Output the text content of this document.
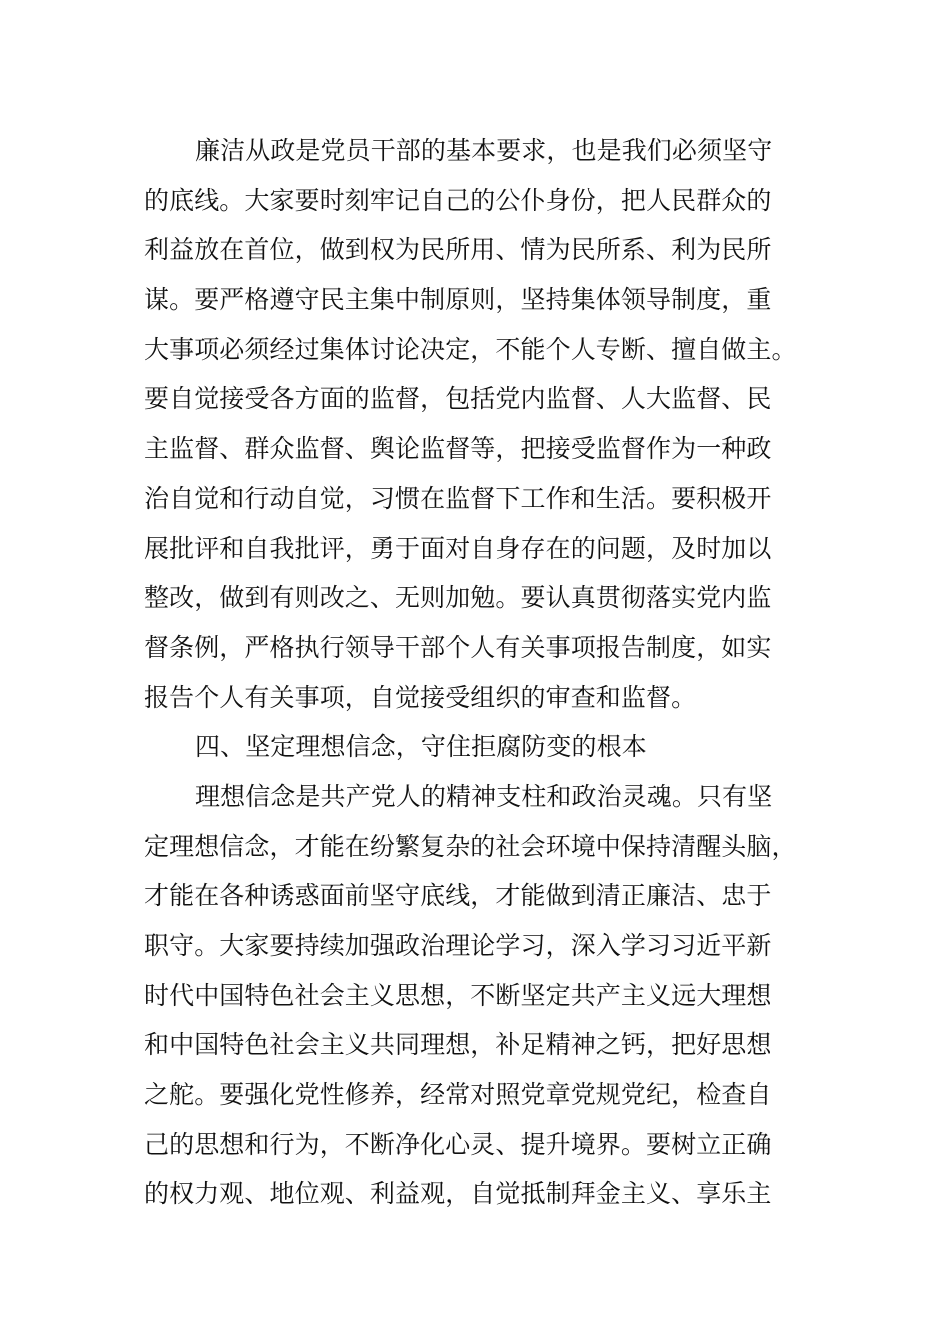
廉洁从政是党员干部的基本要求，也是我们必须坚守
的底线。大家要时刻牢记自己的公仆身份，把人民群众的
利益放在首位，做到权为民所用、情为民所系、利为民所
谋。要严格遵守民主集中制原则，坚持集体领导制度，重
大事项必须经过集体讨论决定，不能个人专断、擅自做主。
要自觉接受各方面的监督，包括党内监督、人大监督、民
主监督、群众监督、舆论监督等，把接受监督作为一种政
治自觉和行动自觉，习惯在监督下工作和生活。要积极开
展批评和自我批评，勇于面对自身存在的问题，及时加以
整改，做到有则改之、无则加勉。要认真贯彻落实党内监
督条例，严格执行领导干部个人有关事项报告制度，如实
报告个人有关事项，自觉接受组织的审查和监督。
四、坚定理想信念，守住拒腐防变的根本
理想信念是共产党人的精神支柱和政治灵魂。只有坚
定理想信念，才能在纷繁复杂的社会环境中保持清醒头脑，
才能在各种诱惑面前坚守底线，才能做到清正廉洁、忠于
职守。大家要持续加强政治理论学习，深入学习习近平新
时代中国特色社会主义思想，不断坚定共产主义远大理想
和中国特色社会主义共同理想，补足精神之钙，把好思想
之舵。要强化党性修养，经常对照党章党规党纪，检查自
己的思想和行为，不断净化心灵、提升境界。要树立正确
的权力观、地位观、利益观，自觉抵制拜金主义、享乐主
